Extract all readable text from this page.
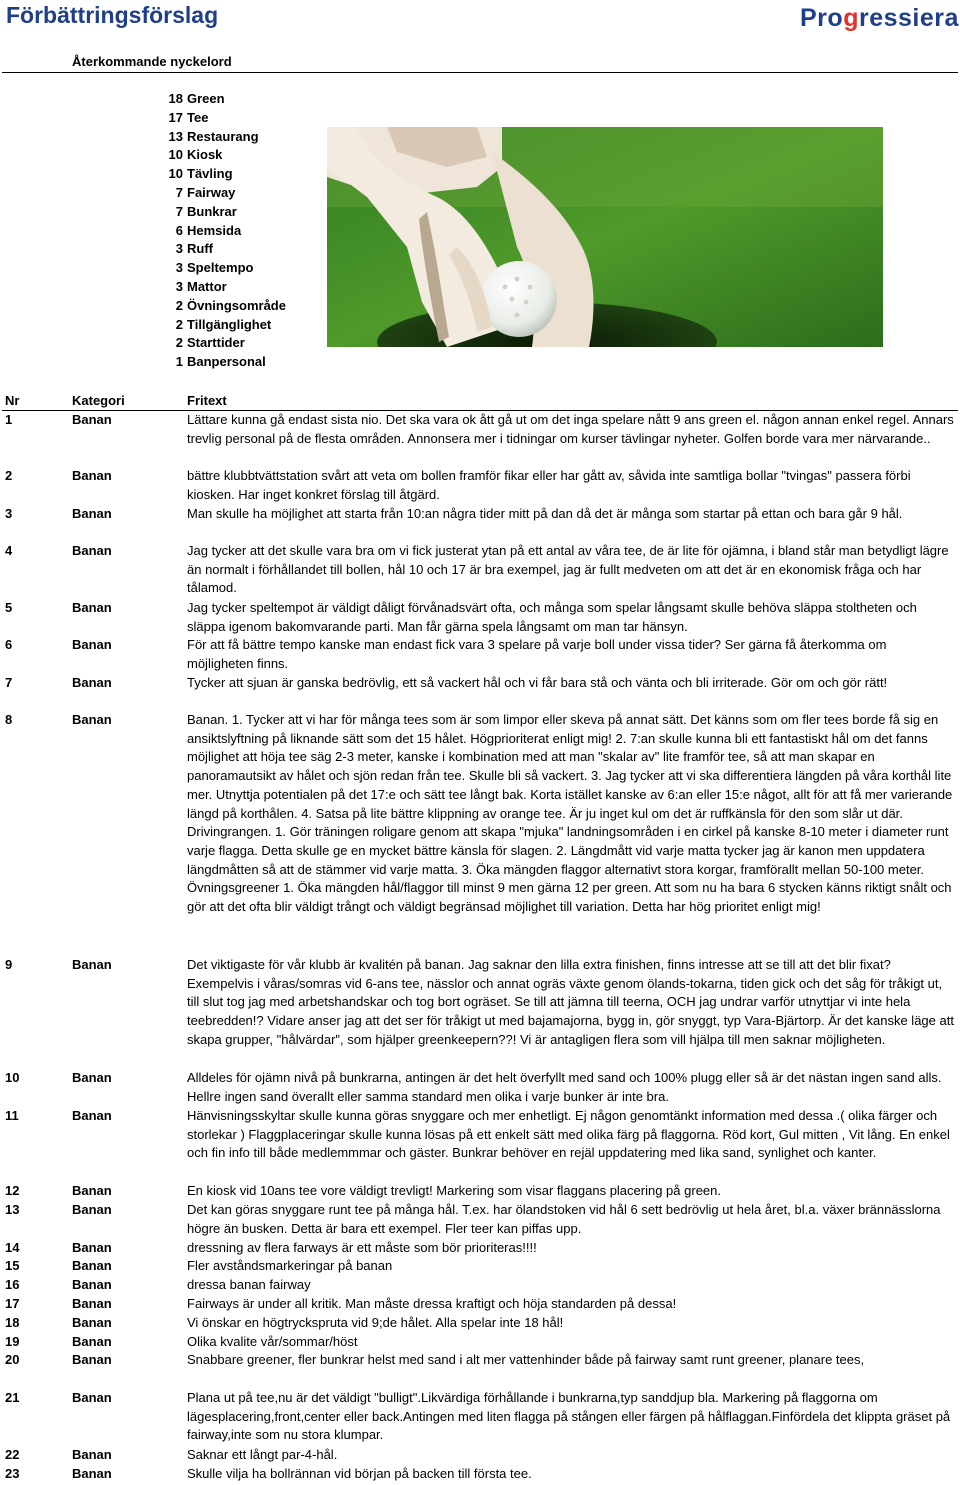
Förbättringsförslag	Progressiera
Återkommande nyckelord
18 Green
17 Tee
13 Restaurang
10 Kiosk
10 Tävling
7 Fairway
7 Bunkrar
6 Hemsida
3 Ruff
3 Speltempo
3 Mattor
2 Övningsområde
2 Tillgänglighet
2 Starttider
1 Banpersonal
Nr	Kategori	Fritext
1	Banan	Lättare kunna gå endast sista nio. Det ska vara ok ått gå ut om det inga spelare nått 9 ans green el. någon annan enkel regel. Annars trevlig personal på de flesta områden. Annonsera mer i tidningar om kurser tävlingar nyheter. Golfen borde vara mer närvarande..
2	Banan	bättre klubbtvättstation svårt att veta om bollen framför fikar eller har gått av, såvida inte samtliga bollar "tvingas" passera förbi kiosken. Har inget konkret förslag till åtgärd.
3	Banan	Man skulle ha möjlighet att starta från 10:an några tider mitt på dan då det är många som startar på ettan och bara går 9 hål.
4	Banan	Jag tycker att det skulle vara bra om vi fick justerat ytan på ett antal av våra tee, de är lite för ojämna, i bland står man betydligt lägre än normalt i förhållandet till bollen, hål 10 och 17 är bra exempel, jag är fullt medveten om att det är en ekonomisk fråga och har tålamod.
5	Banan	Jag tycker speltempot är väldigt dåligt förvånadsvärt ofta, och många som spelar långsamt skulle behöva släppa stoltheten och släppa igenom bakomvarande parti. Man får gärna spela långsamt om man tar hänsyn.
6	Banan	För att få bättre tempo kanske man endast fick vara 3 spelare på varje boll under vissa tider? Ser gärna få återkomma om möjligheten finns.
7	Banan	Tycker att sjuan är ganska bedrövlig, ett så vackert hål och vi får bara stå och vänta och bli irriterade. Gör om och gör rätt!
8	Banan	Banan. 1. Tycker att vi har för många tees som är som limpor eller skeva på annat sätt. Det känns som om fler tees borde få sig en ansiktslyftning på liknande sätt som det 15 hålet. Högprioriterat enligt mig! 2. 7:an skulle kunna bli ett fantastiskt hål om det fanns möjlighet att höja tee säg 2-3 meter, kanske i kombination med att man "skalar av" lite framför tee, så att man skapar en panoramautsikt av hålet och sjön redan från tee. Skulle bli så vackert. 3. Jag tycker att vi ska differentiera längden på våra korthål lite mer. Utnyttja potentialen på det 17:e och sätt tee långt bak. Korta istället kanske av 6:an eller 15:e något, allt för att få mer varierande längd på korthålen. 4. Satsa på lite bättre klippning av orange tee. Är ju inget kul om det är ruffkänsla för den som slår ut där. Drivingrangen. 1. Gör träningen roligare genom att skapa "mjuka" landningsområden i en cirkel på kanske 8-10 meter i diameter runt varje flagga. Detta skulle ge en mycket bättre känsla för slagen. 2. Längdmått vid varje matta tycker jag är kanon men uppdatera längdmåtten så att de stämmer vid varje matta. 3. Öka mängden flaggor alternativt stora korgar, framförallt mellan 50-100 meter. Övningsgreener 1. Öka mängden hål/flaggor till minst 9 men gärna 12 per green. Att som nu ha bara 6 stycken känns riktigt snålt och gör att det ofta blir väldigt trångt och väldigt begränsad möjlighet till variation. Detta har hög prioritet enligt mig!
9	Banan	Det viktigaste för vår klubb är kvalitén på banan. Jag saknar den lilla extra finishen, finns intresse att se till att det blir fixat? Exempelvis i våras/somras vid 6-ans tee, nässlor och annat ogräs växte genom ölands-tokarna, tiden gick och det såg för tråkigt ut, till slut tog jag med arbetshandskar och tog bort ogräset. Se till att jämna till teerna, OCH jag undrar varför utnyttjar vi inte hela teebredden!? Vidare anser jag att det ser för tråkigt ut med bajamajorna, bygg in, gör snyggt, typ Vara-Bjärtorp. Är det kanske läge att skapa grupper, "hålvärdar", som hjälper greenkeepern??! Vi är antagligen flera som vill hjälpa till men saknar möjligheten.
10	Banan	Alldeles för ojämn nivå på bunkrarna, antingen är det helt överfyllt med sand och 100% plugg eller så är det nästan ingen sand alls. Hellre ingen sand överallt eller samma standard men olika i varje bunker är inte bra.
11	Banan	Hänvisningsskyltar skulle kunna göras snyggare och mer enhetligt. Ej någon genomtänkt information med dessa .( olika färger och storlekar ) Flaggplaceringar skulle kunna lösas på ett enkelt sätt med olika färg på flaggorna. Röd kort, Gul mitten , Vit lång. En enkel och fin info till både medlemmmar och gäster. Bunkrar behöver en rejäl uppdatering med lika sand, synlighet och kanter.
12	Banan	En kiosk vid 10ans tee vore väldigt trevligt! Markering som visar flaggans placering på green.
13	Banan	Det kan göras snyggare runt tee på många hål. T.ex. har ölandstoken vid hål 6 sett bedrövlig ut hela året, bl.a. växer brännässlorna högre än busken. Detta är bara ett exempel. Fler teer kan piffas upp.
14	Banan	dressning av flera farways är ett måste som bör prioriteras!!!!
15	Banan	Fler avståndsmarkeringar på banan
16	Banan	dressa banan fairway
17	Banan	Fairways är under all kritik. Man måste dressa kraftigt och höja standarden på dessa!
18	Banan	Vi önskar en högtryckspruta vid 9;de hålet. Alla spelar inte 18 hål!
19	Banan	Olika kvalite vår/sommar/höst
20	Banan	Snabbare greener, fler bunkrar helst med sand i alt mer vattenhinder både på fairway samt runt greener, planare tees,
21	Banan	Plana ut på tee,nu är det väldigt "bulligt".Likvärdiga förhållande i bunkrarna,typ sanddjup bla. Markering på flaggorna om lägesplacering,front,center eller back.Antingen med liten flagga på stången eller färgen på hålflaggan.Finfördela det klippta gräset på fairway,inte som nu stora klumpar.
22	Banan	Saknar ett långt par-4-hål.
23	Banan	Skulle vilja ha bollrännan vid början på backen till första tee.
